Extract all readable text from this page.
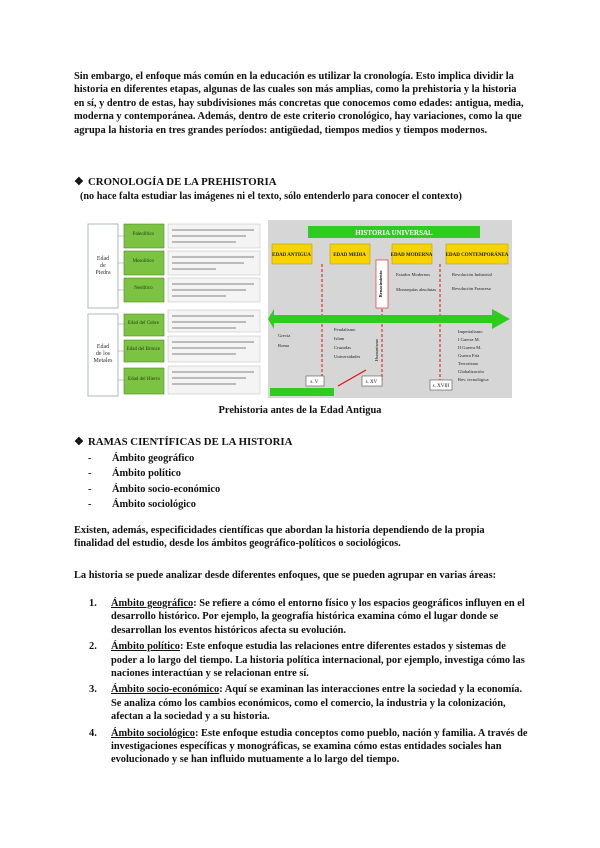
Sin embargo, el enfoque más común en la educación es utilizar la cronología. Esto implica dividir la historia en diferentes etapas, algunas de las cuales son más amplias, como la prehistoria y la historia en sí, y dentro de estas, hay subdivisiones más concretas que conocemos como edades: antigua, media, moderna y contemporánea. Además, dentro de este criterio cronológico, hay variaciones, como la que agrupa la historia en tres grandes períodos: antigüedad, tiempos medios y tiempos modernos.

❖ CRONOLOGÍA DE LA PREHISTORIA
(no hace falta estudiar las imágenes ni el texto, sólo entenderlo para conocer el contexto)
Edad de Piedra
Edad de los Metales
Paleolítico Mesolítico Neolítico Edad del Cobre Edad del Bronce Edad del Hierro
HISTORIA UNIVERSAL
EDAD ANTIGUA	EDAD MEDIA	EDAD MODERNA	EDAD CONTEMPORÁNEA
Renacimiento
Humanismo
Grecia Roma Feudalismo Islam Cruzadas Universidades Estados Modernos Monarquías absolutas Revolución Industrial Revolución Francesa Imperialismo I Guerra M. II Guerra M. Guerra Fría Terrorismo Globalización Rev. tecnológica
s. V	s. XV s. XVIII
Prehistoria antes de la Edad Antigua
❖ RAMAS CIENTÍFICAS DE LA HISTORIA
- Ámbito geográfico
- Ámbito político
- Ámbito socio-económico
- Ámbito sociológico

Existen, además, especificidades científicas que abordan la historia dependiendo de la propia finalidad del estudio, desde los ámbitos geográfico-políticos o sociológicos.

La historia se puede analizar desde diferentes enfoques, que se pueden agrupar en varias áreas:

1. Ámbito geográfico: Se refiere a cómo el entorno físico y los espacios geográficos influyen en el desarrollo histórico. Por ejemplo, la geografía histórica examina cómo el lugar donde se desarrollan los eventos históricos afecta su evolución.
2. Ámbito político: Este enfoque estudia las relaciones entre diferentes estados y sistemas de poder a lo largo del tiempo. La historia política internacional, por ejemplo, investiga cómo las naciones interactúan y se relacionan entre sí.
3. Ámbito socio-económico: Aquí se examinan las interacciones entre la sociedad y la economía. Se analiza cómo los cambios económicos, como el comercio, la industria y la colonización, afectan a la sociedad y a su historia.
4. Ámbito sociológico: Este enfoque estudia conceptos como pueblo, nación y familia. A través de investigaciones específicas y monográficas, se examina cómo estas entidades sociales han evolucionado y se han influido mutuamente a lo largo del tiempo.
